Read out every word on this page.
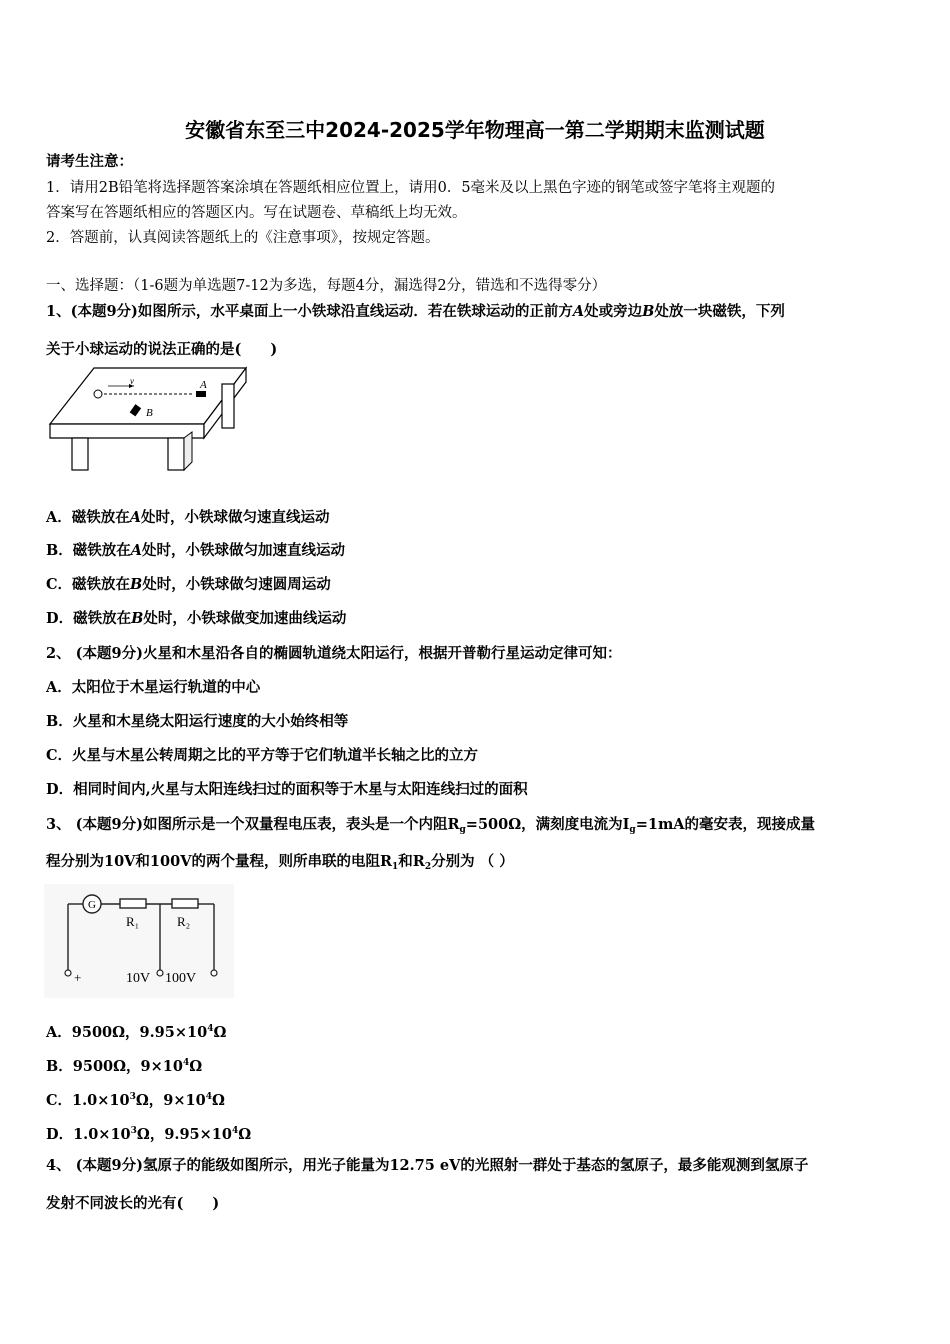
安徽省东至三中2024-2025学年物理高一第二学期期末监测试题
请考生注意：
1．请用2B铅笔将选择题答案涂填在答题纸相应位置上，请用0．5毫米及以上黑色字迹的钢笔或签字笔将主观题的
答案写在答题纸相应的答题区内。写在试题卷、草稿纸上均无效。
2．答题前，认真阅读答题纸上的《注意事项》，按规定答题。
一、选择题：（1-6题为单选题7-12为多选，每题4分，漏选得2分，错选和不选得零分）
1、(本题9分)如图所示，水平桌面上一小铁球沿直线运动．若在铁球运动的正前方A处或旁边B处放一块磁铁，下列
关于小球运动的说法正确的是(　　)
v	A
B
A．磁铁放在A处时，小铁球做匀速直线运动
B．磁铁放在A处时，小铁球做匀加速直线运动
C．磁铁放在B处时，小铁球做匀速圆周运动
D．磁铁放在B处时，小铁球做变加速曲线运动
2、 (本题9分)火星和木星沿各自的椭圆轨道绕太阳运行，根据开普勒行星运动定律可知：
A．太阳位于木星运行轨道的中心
B．火星和木星绕太阳运行速度的大小始终相等
C．火星与木星公转周期之比的平方等于它们轨道半长轴之比的立方
D．相同时间内,火星与太阳连线扫过的面积等于木星与太阳连线扫过的面积
3、 (本题9分)如图所示是一个双量程电压表，表头是一个内阻$R_g=500\Omega$，满刻度电流为$I_g=1mA$的毫安表，现接成量
程分别为10V和100V的两个量程，则所串联的电阻$R_1$和$R_2$分别为 （ ）
G
R₁	R₂
+	10V 100V
A．9500Ω，$9.95\times 10^4\Omega$
B．9500Ω，$9\times 10^4\Omega$
C．$1.0\times 10^3\Omega$，$9\times 10^4\Omega$
D．$1.0\times 10^3\Omega$，$9.95\times 10^4\Omega$
4、 (本题9分)氢原子的能级如图所示，用光子能量为12.75 eV的光照射一群处于基态的氢原子，最多能观测到氢原子
发射不同波长的光有(　　)
